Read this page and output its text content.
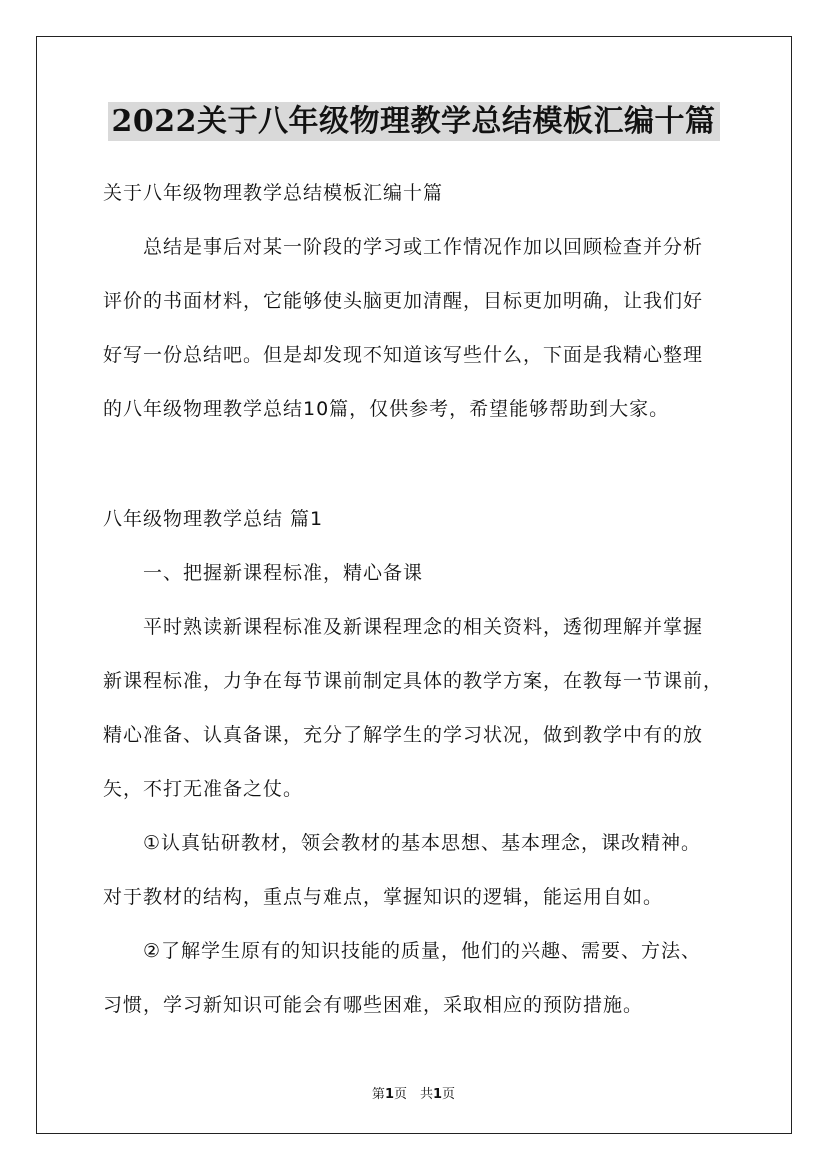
2022关于八年级物理教学总结模板汇编十篇
关于八年级物理教学总结模板汇编十篇
　　总结是事后对某一阶段的学习或工作情况作加以回顾检查并分析
评价的书面材料，它能够使头脑更加清醒，目标更加明确，让我们好
好写一份总结吧。但是却发现不知道该写些什么，下面是我精心整理
的八年级物理教学总结10篇，仅供参考，希望能够帮助到大家。
八年级物理教学总结 篇1
　　一、把握新课程标准，精心备课
　　平时熟读新课程标准及新课程理念的相关资料，透彻理解并掌握
新课程标准，力争在每节课前制定具体的教学方案，在教每一节课前，
精心准备、认真备课，充分了解学生的学习状况，做到教学中有的放
矢，不打无准备之仗。
　　①认真钻研教材，领会教材的基本思想、基本理念，课改精神。
对于教材的结构，重点与难点，掌握知识的逻辑，能运用自如。
　　②了解学生原有的知识技能的质量，他们的兴趣、需要、方法、
习惯，学习新知识可能会有哪些困难，采取相应的预防措施。
第1页　共1页
